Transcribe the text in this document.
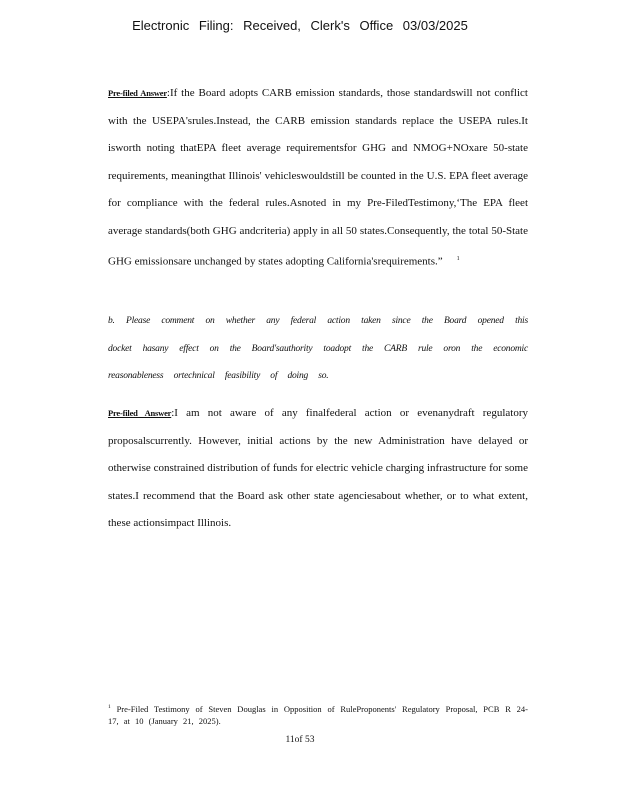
Electronic Filing: Received, Clerk's Office 03/03/2025

Pre-filed Answer:If the Board adopts CARB emission standards, those standardswill not conflict with the USEPA'srules.Instead, the CARB emission standards replace the USEPA rules.It isworth noting thatEPA fleet average requirementsfor GHG and NMOG+NOxare 50-state requirements, meaningthat Illinois' vehicleswouldstill be counted in the U.S. EPA fleet average for compliance with the federal rules.Asnoted in my Pre-FiledTestimony,‘The EPA fleet average standards(both GHG andcriteria) apply in all 50 states.Consequently, the total 50-State GHG emissionsare unchanged by states adopting California'srequirements.” $^1$

b. Please comment on whether any federal action taken since the Board opened this docket hasany effect on the Board'sauthority toadopt the CARB rule oron the economic reasonableness ortechnical feasibility of doing so.

Pre-filed Answer:I am not aware of any finalfederal action or evenanydraft regulatory proposalscurrently. However, initial actions by the new Administration have delayed or otherwise constrained distribution of funds for electric vehicle charging infrastructure for some states.I recommend that the Board ask other state agenciesabout whether, or to what extent, these actionsimpact Illinois.

$^1$ Pre-Filed Testimony of Steven Douglas in Opposition of RuleProponents' Regulatory Proposal, PCB R 24-17, at 10 (January 21, 2025).
11of 53
